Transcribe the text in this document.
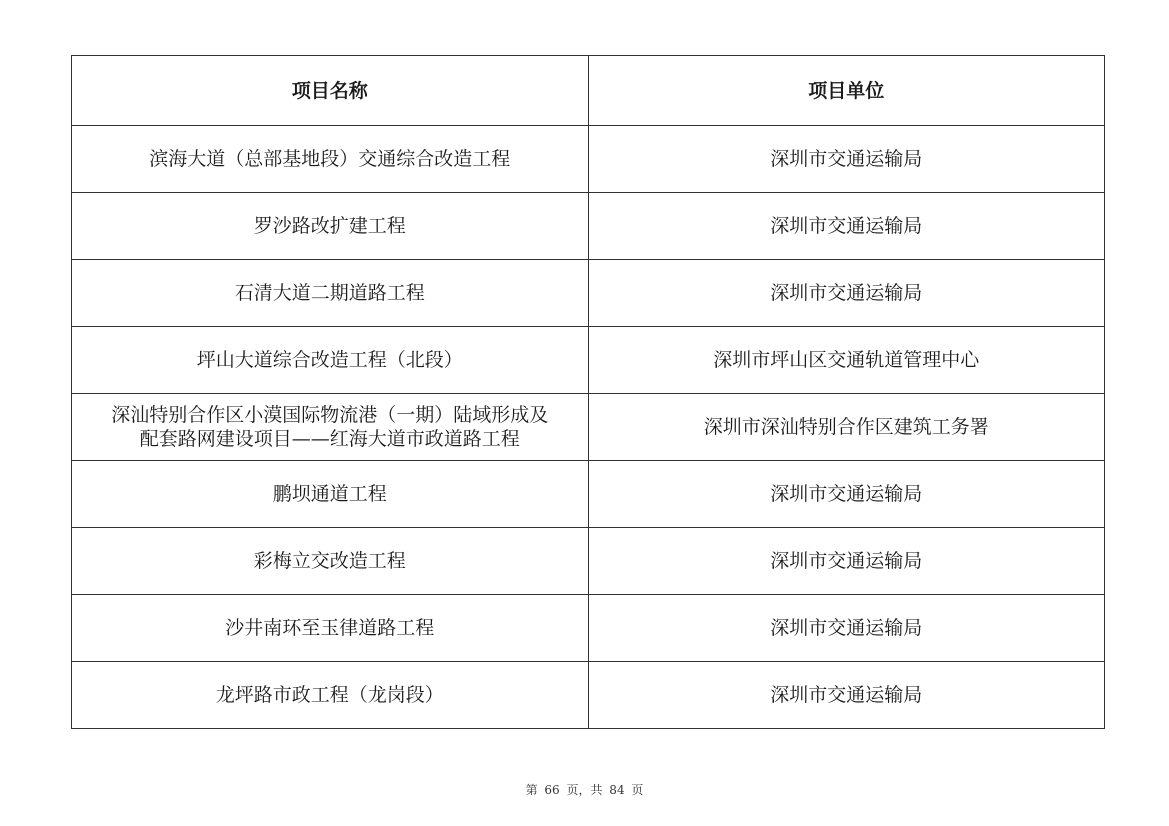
项目名称	项目单位
滨海大道（总部基地段）交通综合改造工程	深圳市交通运输局
罗沙路改扩建工程	深圳市交通运输局
石清大道二期道路工程	深圳市交通运输局
坪山大道综合改造工程（北段）	深圳市坪山区交通轨道管理中心

深汕特别合作区小漠国际物流港（一期）陆域形成及
配套路网建设项目——红海大道市政道路工程	深圳市深汕特别合作区建筑工务署
鹏坝通道工程	深圳市交通运输局
彩梅立交改造工程	深圳市交通运输局
沙井南环至玉律道路工程	深圳市交通运输局
龙坪路市政工程（龙岗段）	深圳市交通运输局
第 66 页，共 84 页
